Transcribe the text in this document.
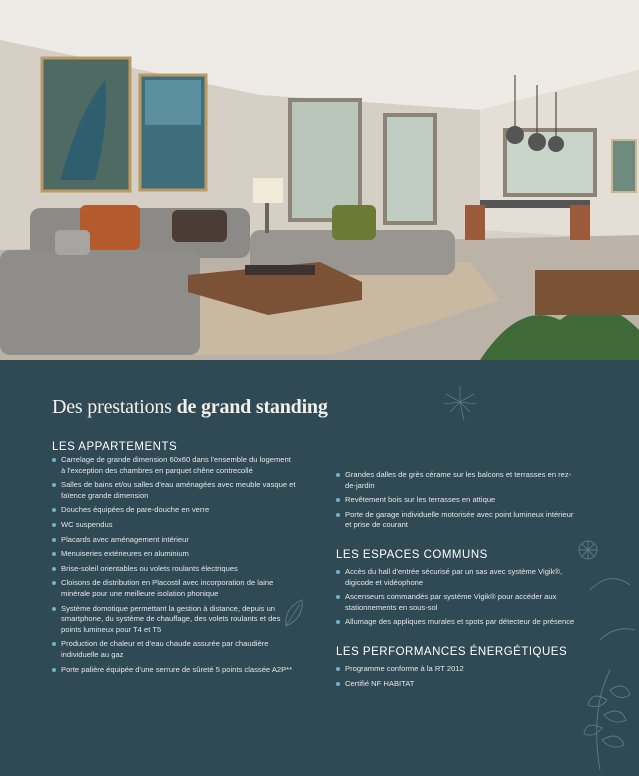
Des prestations de grand standing
LES APPARTEMENTS
Carrelage de grande dimension 60x60 dans l'ensemble du logement à l'exception des chambres en parquet chêne contrecollé
Salles de bains et/ou salles d'eau aménagées avec meuble vasque et faïence grande dimension
Douches équipées de pare-douche en verre
WC suspendus
Placards avec aménagement intérieur
Menuiseries extérieures en aluminium
Brise-soleil orientables ou volets roulants électriques
Cloisons de distribution en Placostil avec incorporation de laine minérale pour une meilleure isolation phonique
Système domotique permettant la gestion à distance, depuis un smartphone, du système de chauffage, des volets roulants et des points lumineux pour T4 et T5
Production de chaleur et d'eau chaude assurée par chaudière individuelle au gaz
Porte palière équipée d'une serrure de sûreté 5 points classée A2P**
Grandes dalles de grès cérame sur les balcons et terrasses en rez-de-jardin
Revêtement bois sur les terrasses en attique
Porte de garage individuelle motorisée avec point lumineux intérieur et prise de courant
LES ESPACES COMMUNS
Accès du hall d'entrée sécurisé par un sas avec système Vigik®, digicode et vidéophone
Ascenseurs commandés par système Vigik® pour accéder aux stationnements en sous-sol
Allumage des appliques murales et spots par détecteur de présence
LES PERFORMANCES ÉNERGÉTIQUES
Programme conforme à la RT 2012
Certifié NF HABITAT
